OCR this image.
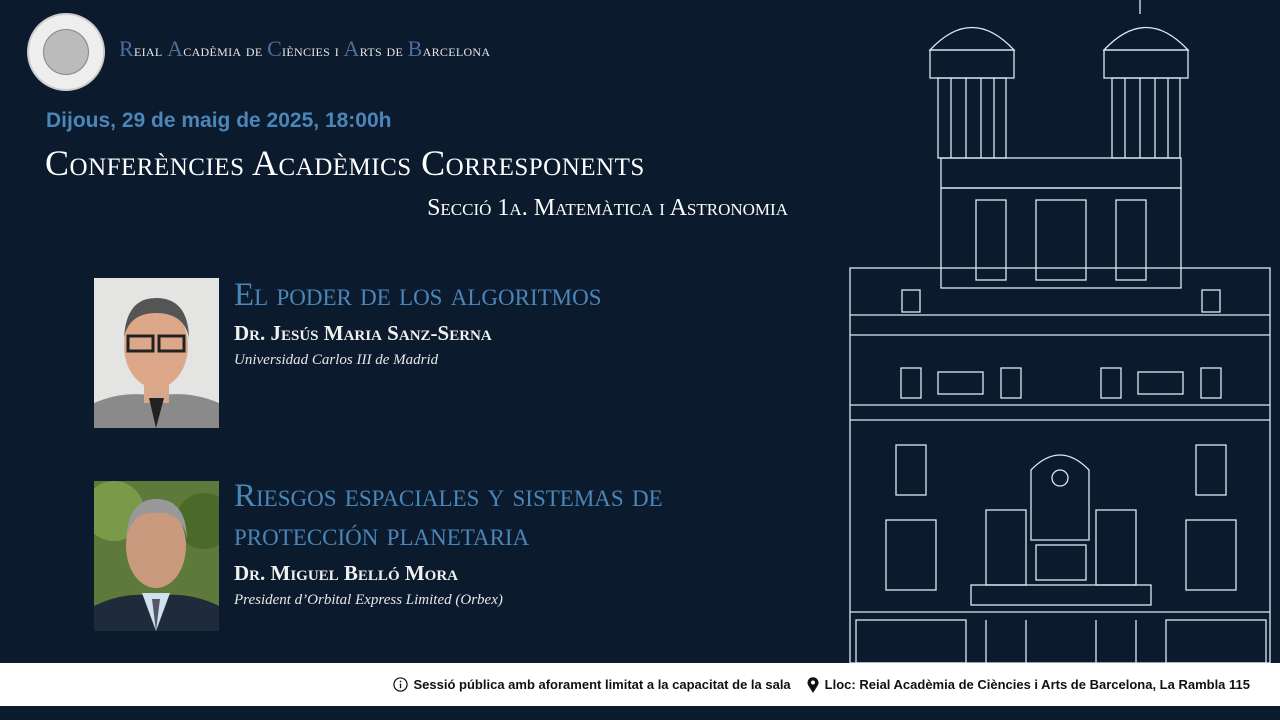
Reial Acadèmia de Ciències i Arts de Barcelona
Dijous, 29 de maig de 2025, 18:00h
Conferències Acadèmics Corresponents
Secció 1a. Matemàtica i Astronomia
El poder de los algoritmos
Dr. Jesús Maria Sanz-Serna
Universidad Carlos III de Madrid
Riesgos espaciales y sistemas de protección planetaria
Dr. Miguel Belló Mora
President d’Orbital Express Limited (Orbex)
Sessió pública amb aforament limitat a la capacitat de la sala	Lloc: Reial Acadèmia de Ciències i Arts de Barcelona, La Rambla 115
